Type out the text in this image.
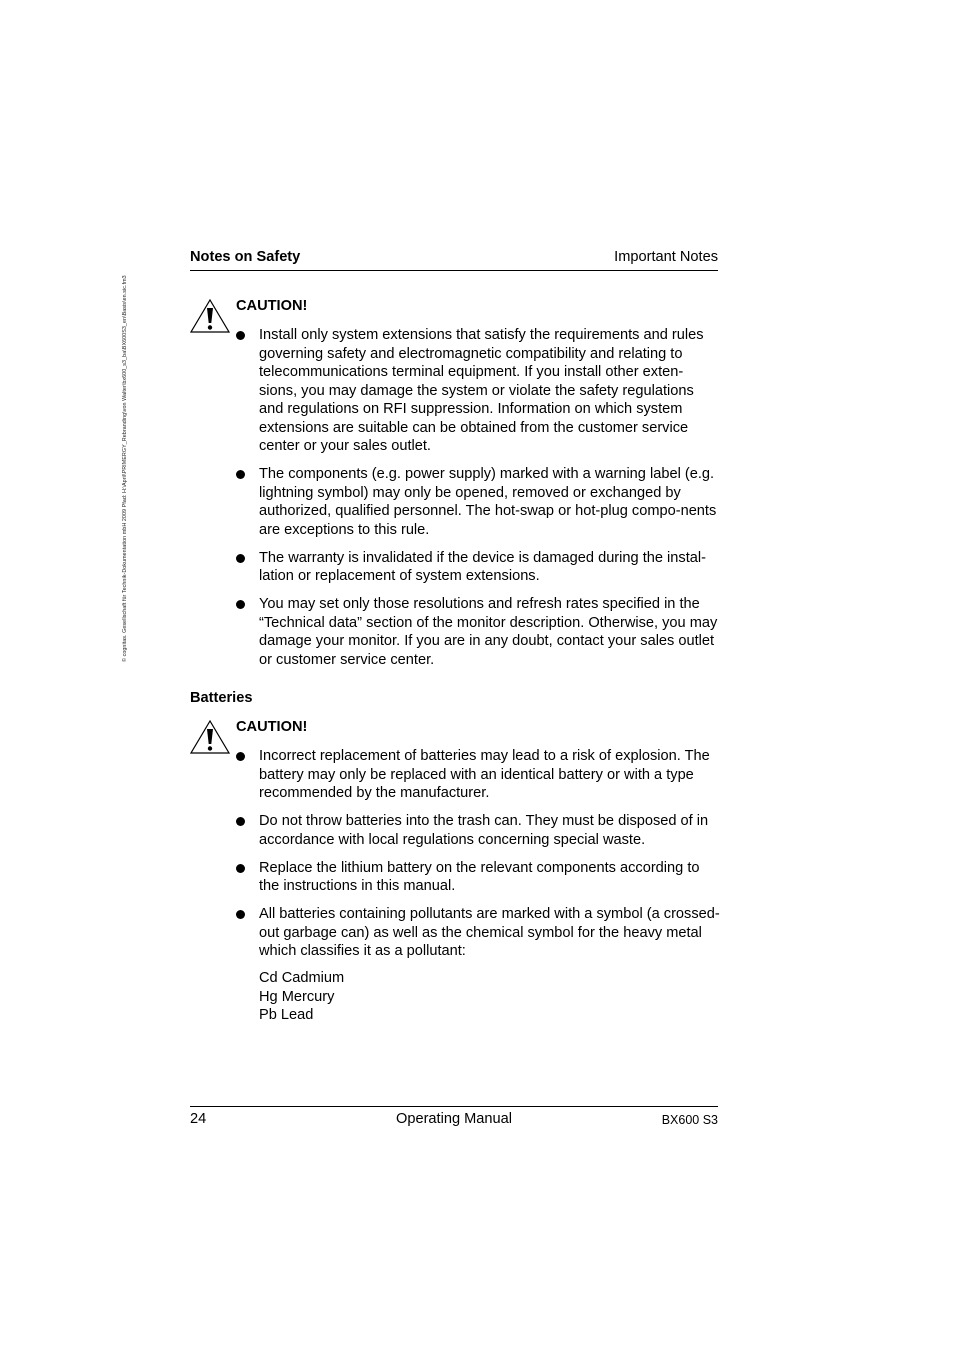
© cognitas. Gesellschaft für Technik-Dokumentation mbH 2009 Pfad: H:\April\PRIMERGY_Rebranding\von Walter\bx600_s3_ba\BX600S3_en\Basis\en.sic.fm3
Notes on Safety	Important Notes
CAUTION!
Install only system extensions that satisfy the requirements and rules governing safety and electromagnetic compatibility and relating to telecommunications terminal equipment. If you install other exten-sions, you may damage the system or violate the safety regulations and regulations on RFI suppression. Information on which system extensions are suitable can be obtained from the customer service center or your sales outlet.
The components (e.g. power supply) marked with a warning label (e.g. lightning symbol) may only be opened, removed or exchanged by authorized, qualified personnel. The hot-swap or hot-plug compo-nents are exceptions to this rule.
The warranty is invalidated if the device is damaged during the instal-lation or replacement of system extensions.
You may set only those resolutions and refresh rates specified in the “Technical data” section of the monitor description. Otherwise, you may damage your monitor. If you are in any doubt, contact your sales outlet or customer service center.
Batteries
CAUTION!
Incorrect replacement of batteries may lead to a risk of explosion. The battery may only be replaced with an identical battery or with a type recommended by the manufacturer.
Do not throw batteries into the trash can. They must be disposed of in accordance with local regulations concerning special waste.
Replace the lithium battery on the relevant components according to the instructions in this manual.
All batteries containing pollutants are marked with a symbol (a crossed-out garbage can) as well as the chemical symbol for the heavy metal which classifies it as a pollutant:
Cd Cadmium
Hg Mercury
Pb Lead
24	Operating Manual	BX600 S3
